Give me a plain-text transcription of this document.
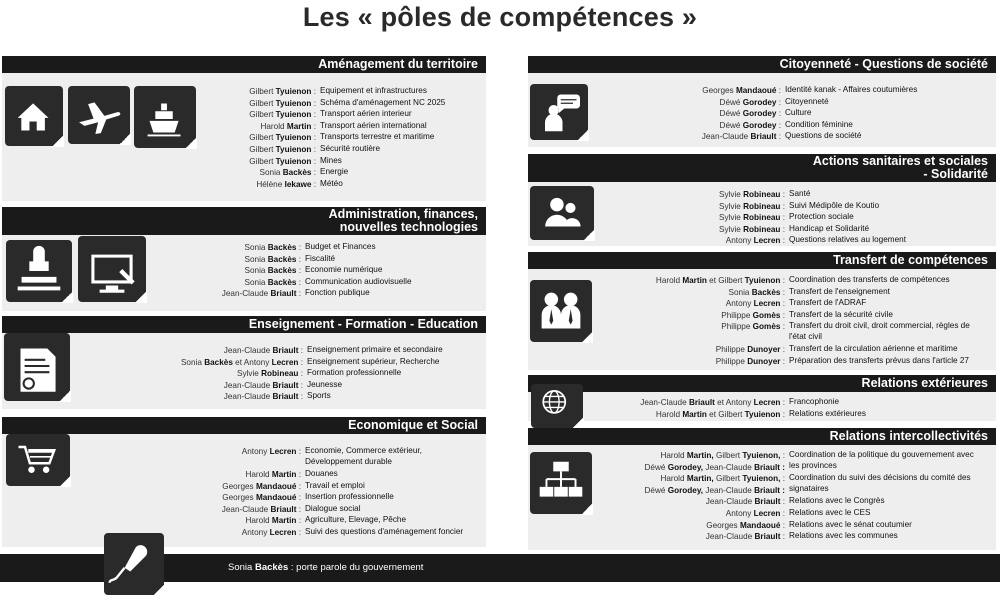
Les « pôles de compétences »
Aménagement du territoire
Gilbert Tyuienon : Equipement et infrastructures
Gilbert Tyuienon : Schéma d'aménagement NC 2025
Gilbert Tyuienon : Transport aérien interieur
Harold Martin : Transport aérien international
Gilbert Tyuienon : Transports terrestre et maritime
Gilbert Tyuienon : Sécurité routière
Gilbert Tyuienon : Mines
Sonia Backès : Energie
Hélène Iekawe : Météo
Administration, finances,
nouvelles technologies
Sonia Backès : Budget et Finances
Sonia Backès : Fiscalité
Sonia Backès : Economie numérique
Sonia Backès : Communication audiovisuelle
Jean-Claude Briault : Fonction publique
Enseignement - Formation - Education
Jean-Claude Briault : Enseignement primaire et secondaire
Sonia Backès et Antony Lecren : Enseignement supérieur, Recherche
Sylvie Robineau : Formation professionnelle
Jean-Claude Briault : Jeunesse
Jean-Claude Briault : Sports
Economique et Social
Antony Lecren : Economie, Commerce extérieur, Développement durable
Harold Martin : Douanes
Georges Mandaoué : Travail et emploi
Georges Mandaoué : Insertion professionnelle
Jean-Claude Briault : Dialogue social
Harold Martin : Agriculture, Elevage, Pêche
Antony Lecren : Suivi des questions d'aménagement foncier
Citoyenneté - Questions de société
Georges Mandaoué : Identité kanak - Affaires coutumières
Déwé Gorodey : Citoyenneté
Déwé Gorodey : Culture
Déwé Gorodey : Condition féminine
Jean-Claude Briault : Questions de société
Actions sanitaires et sociales
- Solidarité
Sylvie Robineau : Santé
Sylvie Robineau : Suivi Médipôle de Koutio
Sylvie Robineau : Protection sociale
Sylvie Robineau : Handicap et Solidarité
Antony Lecren : Questions relatives au logement
Transfert de compétences
Harold Martin et Gilbert Tyuienon : Coordination des transferts de compétences
Sonia Backès : Transfert de l'enseignement
Antony Lecren : Transfert de l'ADRAF
Philippe Gomès : Transfert de la sécurité civile
Philippe Gomès : Transfert du droit civil, droit commercial, règles de l'état civil
Philippe Dunoyer : Transfert de la circulation aérienne et maritime
Philippe Dunoyer : Préparation des transferts prévus dans l'article 27
Relations extérieures
Jean-Claude Briault et Antony Lecren : Francophonie
Harold Martin et Gilbert Tyuienon : Relations extérieures
Relations intercollectivités
Harold Martin, Gilbert Tyuienon, : Coordination de la politique du gouvernement avec les provinces
Déwé Gorodey, Jean-Claude Briault :
Harold Martin, Gilbert Tyuienon, : Coordination du suivi des décisions du comité des signataires
Déwé Gorodey, Jean-Claude Briault :
Jean-Claude Briault : Relations avec le Congrès
Antony Lecren : Relations avec le CES
Georges Mandaoué : Relations avec le sénat coutumier
Jean-Claude Briault : Relations avec les communes
Sonia Backès : porte parole du gouvernement
